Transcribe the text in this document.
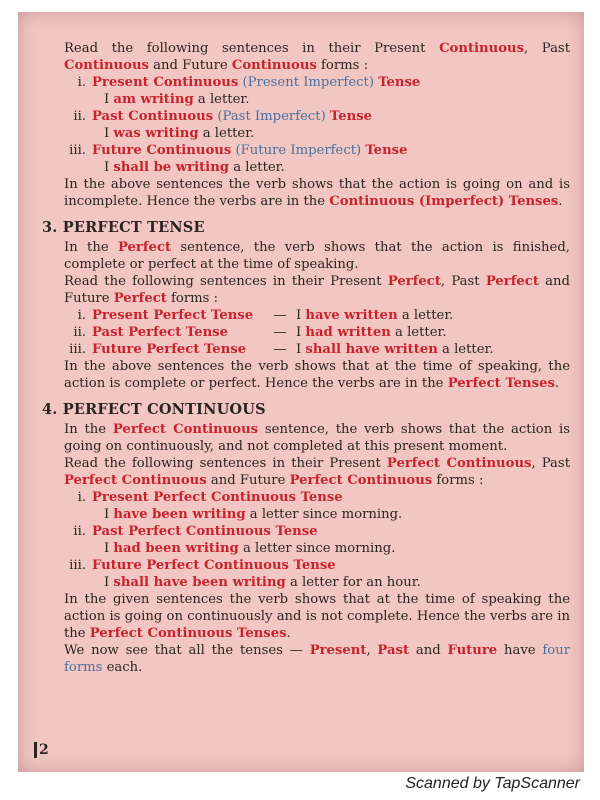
Read the following sentences in their Present Continuous, Past Continuous and Future Continuous forms :

i. Present Continuous (Present Imperfect) Tense
I am writing a letter.
ii. Past Continuous (Past Imperfect) Tense
I was writing a letter.
iii. Future Continuous (Future Imperfect) Tense
I shall be writing a letter.

In the above sentences the verb shows that the action is going on and is incomplete. Hence the verbs are in the Continuous (Imperfect) Tenses.

3. PERFECT TENSE

In the Perfect sentence, the verb shows that the action is finished, complete or perfect at the time of speaking.

Read the following sentences in their Present Perfect, Past Perfect and Future Perfect forms :

i. Present Perfect Tense	— I have written a letter.
ii. Past Perfect Tense	— I had written a letter.
iii. Future Perfect Tense	— I shall have written a letter.

In the above sentences the verb shows that at the time of speaking, the action is complete or perfect. Hence the verbs are in the Perfect Tenses.

4. PERFECT CONTINUOUS

In the Perfect Continuous sentence, the verb shows that the action is going on continuously, and not completed at this present moment.

Read the following sentences in their Present Perfect Continuous, Past Perfect Continuous and Future Perfect Continuous forms :

i. Present Perfect Continuous Tense
I have been writing a letter since morning.
ii. Past Perfect Continuous Tense
I had been writing a letter since morning.
iii. Future Perfect Continuous Tense
I shall have been writing a letter for an hour.

In the given sentences the verb shows that at the time of speaking the action is going on continuously and is not complete. Hence the verbs are in the Perfect Continuous Tenses.

We now see that all the tenses — Present, Past and Future have four forms each.

2
Scanned by TapScanner
